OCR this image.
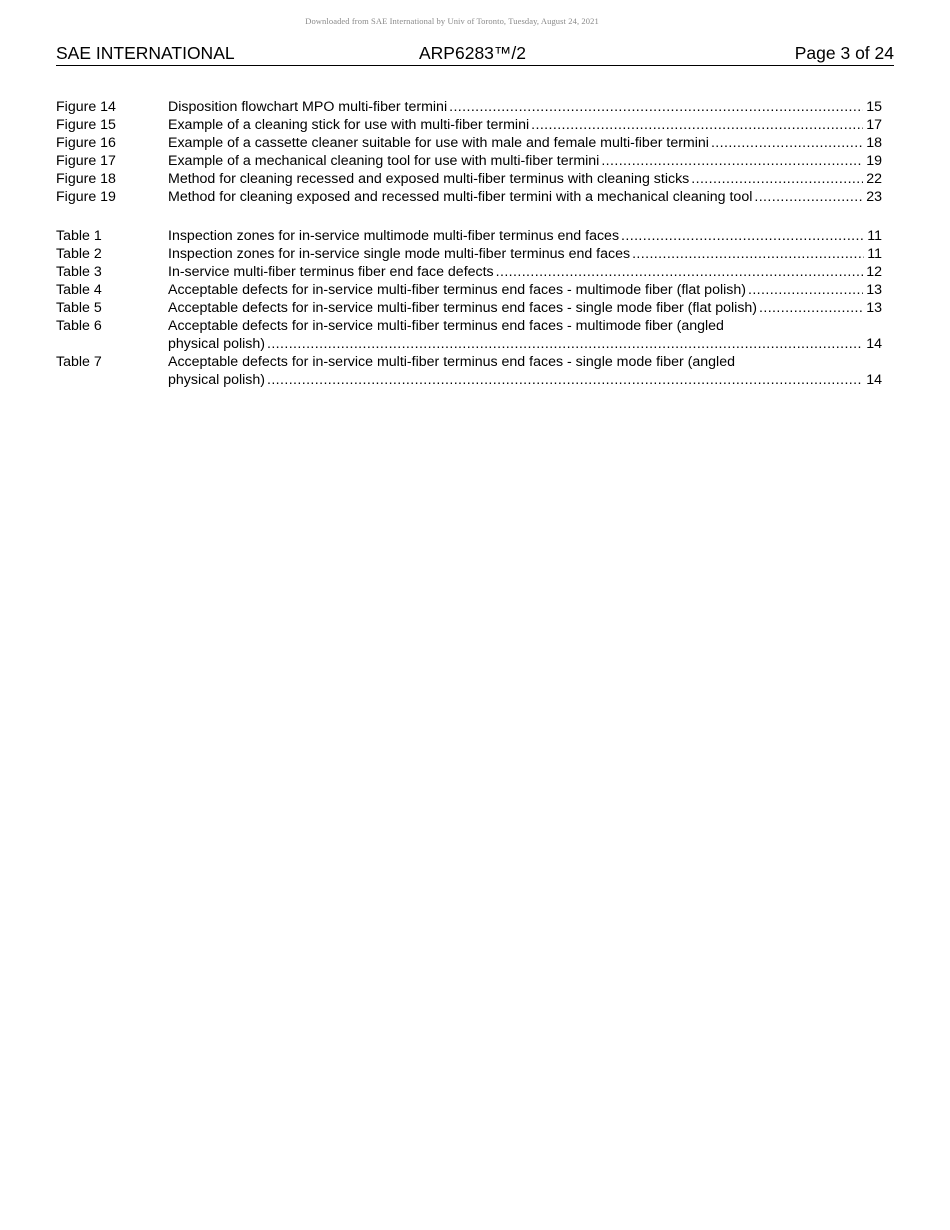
Downloaded from SAE International by Univ of Toronto, Tuesday, August 24, 2021
SAE INTERNATIONAL	ARP6283™/2	Page 3 of 24
Figure 14	Disposition flowchart MPO multi-fiber termini .....	15
Figure 15	Example of a cleaning stick for use with multi-fiber termini .....	17
Figure 16	Example of a cassette cleaner suitable for use with male and female multi-fiber termini .....	18
Figure 17	Example of a mechanical cleaning tool for use with multi-fiber termini .....	19
Figure 18	Method for cleaning recessed and exposed multi-fiber terminus with cleaning sticks .....	22
Figure 19	Method for cleaning exposed and recessed multi-fiber termini with a mechanical cleaning tool .....	23
Table 1	Inspection zones for in-service multimode multi-fiber terminus end faces .....	11
Table 2	Inspection zones for in-service single mode multi-fiber terminus end faces .....	11
Table 3	In-service multi-fiber terminus fiber end face defects .....	12
Table 4	Acceptable defects for in-service multi-fiber terminus end faces - multimode fiber (flat polish) .....	13
Table 5	Acceptable defects for in-service multi-fiber terminus end faces - single mode fiber (flat polish) .....	13
Table 6	Acceptable defects for in-service multi-fiber terminus end faces - multimode fiber (angled
physical polish) .....	14
Table 7	Acceptable defects for in-service multi-fiber terminus end faces - single mode fiber (angled
physical polish) .....	14
